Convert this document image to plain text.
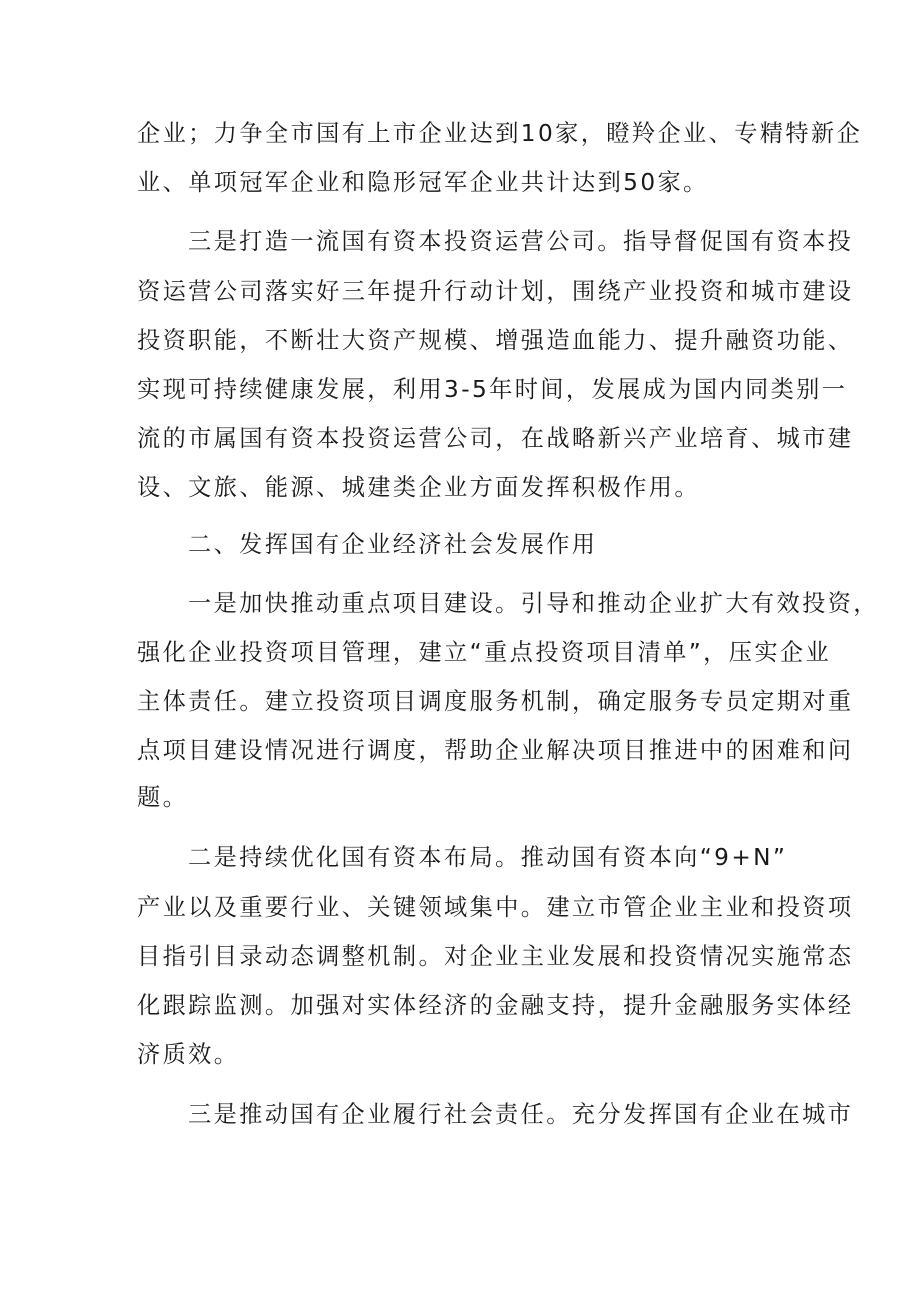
企业；力争全市国有上市企业达到10家，瞪羚企业、专精特新企
业、单项冠军企业和隐形冠军企业共计达到50家。
三是打造一流国有资本投资运营公司。指导督促国有资本投
资运营公司落实好三年提升行动计划，围绕产业投资和城市建设
投资职能，不断壮大资产规模、增强造血能力、提升融资功能、
实现可持续健康发展，利用3-5年时间，发展成为国内同类别一
流的市属国有资本投资运营公司，在战略新兴产业培育、城市建
设、文旅、能源、城建类企业方面发挥积极作用。
二、发挥国有企业经济社会发展作用
一是加快推动重点项目建设。引导和推动企业扩大有效投资，
强化企业投资项目管理，建立“重点投资项目清单”，压实企业
主体责任。建立投资项目调度服务机制，确定服务专员定期对重
点项目建设情况进行调度，帮助企业解决项目推进中的困难和问
题。
二是持续优化国有资本布局。推动国有资本向“9+N”
产业以及重要行业、关键领域集中。建立市管企业主业和投资项
目指引目录动态调整机制。对企业主业发展和投资情况实施常态
化跟踪监测。加强对实体经济的金融支持，提升金融服务实体经
济质效。
三是推动国有企业履行社会责任。充分发挥国有企业在城市
